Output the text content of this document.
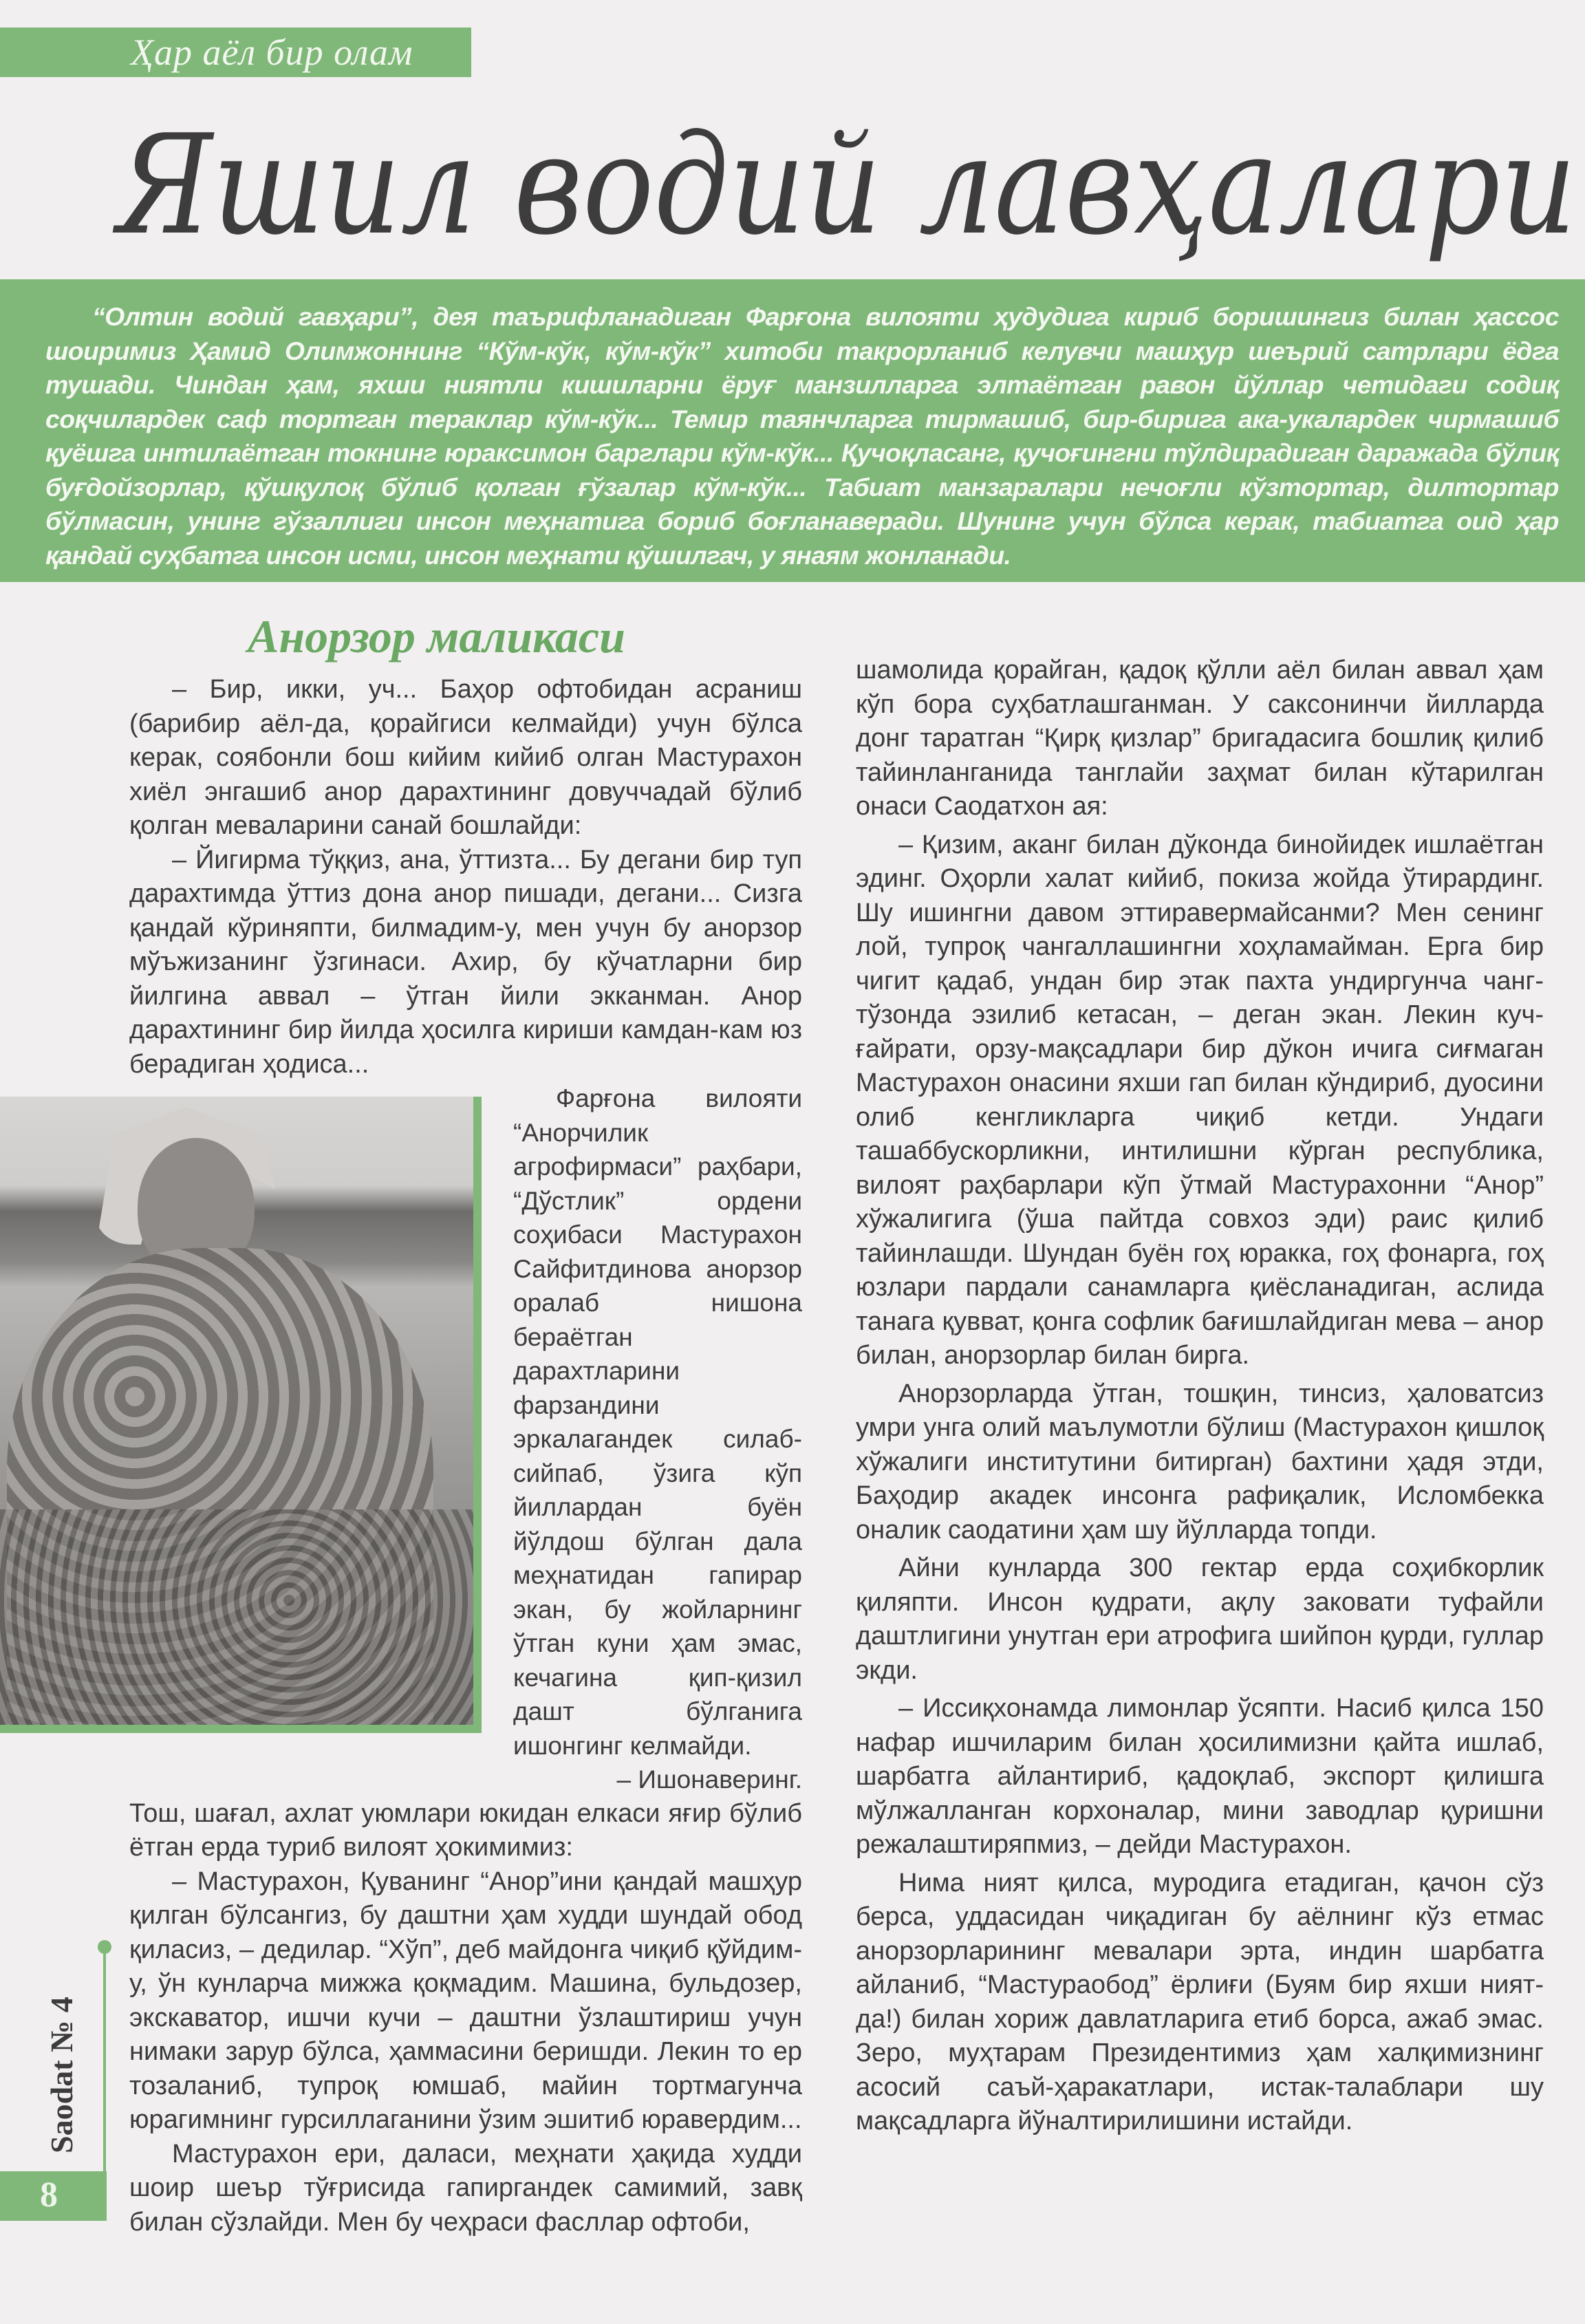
Ҳар аёл бир олам
Яшил водий лавҳалари

“Олтин водий гавҳари”, дея таърифланадиган Фарғона вилояти ҳудудига кириб боришингиз билан ҳассос шоиримиз Ҳамид Олимжоннинг “Кўм-кўк, кўм-кўк” хитоби такрорланиб келувчи машҳур шеърий сатрлари ёдга тушади. Чиндан ҳам, яхши ниятли кишиларни ёруғ манзилларга элтаётган равон йўллар четидаги содиқ соқчилардек саф тортган тераклар кўм-кўк... Темир таянчларга тирмашиб, бир-бирига ака-укалардек чирмашиб қуёшга интилаётган токнинг юраксимон барглари кўм-кўк... Қучоқласанг, қучоғингни тўлдирадиган даражада бўлиқ буғдойзорлар, қўшқулоқ бўлиб қолган ғўзалар кўм-кўк... Табиат манзаралари нечоғли кўзтортар, дилтортар бўлмасин, унинг гўзаллиги инсон меҳнатига бориб боғланаверади. Шунинг учун бўлса керак, табиатга оид ҳар қандай суҳбатга инсон исми, инсон меҳнати қўшилгач, у янаям жонланади.

Анорзор маликаси

– Бир, икки, уч... Баҳор офтобидан асраниш (барибир аёл-да, қорайгиси келмайди) учун бўлса керак, соябонли бош кийим кийиб олган Мастурахон хиёл энгашиб анор дарахтининг довуччадай бўлиб қолган меваларини санай бошлайди:

– Йигирма тўққиз, ана, ўттизта... Бу дегани бир туп дарахтимда ўттиз дона анор пишади, дегани... Сизга қандай кўриняпти, билмадим-у, мен учун бу анорзор мўъжизанинг ўзгинаси. Ахир, бу кўчатларни бир йилгина аввал – ўтган йили экканман. Анор дарахтининг бир йилда ҳосилга кириши камдан-кам юз берадиган ҳодиса...

Фарғона вилояти “Анорчилик агрофирмаси” раҳбари, “Дўстлик” ордени соҳибаси Мастурахон Сайфитдинова анорзор оралаб нишона бераётган дарахтларини фарзандини эркалагандек силаб-сийпаб, ўзига кўп йиллардан буён йўлдош бўлган дала меҳнатидан гапирар экан, бу жойларнинг ўтган куни ҳам эмас, кечагина қип-қизил дашт бўлганига ишонгинг келмайди.

– Ишонаверинг.

Тош, шағал, ахлат уюмлари юкидан елкаси яғир бўлиб ётган ерда туриб вилоят ҳокимимиз:

– Мастурахон, Қуванинг “Анор”ини қандай машҳур қилган бўлсангиз, бу даштни ҳам худди шундай обод қиласиз, – дедилар. “Хўп”, деб майдонга чиқиб қўйдим-у, ўн кунларча мижжа қоқмадим. Машина, бульдозер, экскаватор, ишчи кучи – даштни ўзлаштириш учун нимаки зарур бўлса, ҳаммасини беришди. Лекин то ер тозаланиб, тупроқ юмшаб, майин тортмагунча юрагимнинг гурсиллаганини ўзим эшитиб юравердим...

Мастурахон ери, даласи, меҳнати ҳақида худди шоир шеър тўғрисида гапиргандек самимий, завқ билан сўзлайди. Мен бу чеҳраси фасллар офтоби,

шамолида қорайган, қадоқ қўлли аёл билан аввал ҳам кўп бора суҳбатлашганман. У саксонинчи йилларда донг таратган “Қирқ қизлар” бригадасига бошлиқ қилиб тайинланганида танглайи заҳмат билан кўтарилган онаси Саодатхон ая:

– Қизим, аканг билан дўконда бинойидек ишлаётган эдинг. Оҳорли халат кийиб, покиза жойда ўтирардинг. Шу ишингни давом эттиравермайсанми? Мен сенинг лой, тупроқ чангаллашингни хоҳламайман. Ерга бир чигит қадаб, ундан бир этак пахта ундиргунча чанг-тўзонда эзилиб кетасан, – деган экан. Лекин куч-ғайрати, орзу-мақсадлари бир дўкон ичига сиғмаган Мастурахон онасини яхши гап билан кўндириб, дуосини олиб кенгликларга чиқиб кетди. Ундаги ташаббускорликни, интилишни кўрган республика, вилоят раҳбарлари кўп ўтмай Мастурахонни “Анор” хўжалигига (ўша пайтда совхоз эди) раис қилиб тайинлашди. Шундан буён гоҳ юракка, гоҳ фонарга, гоҳ юзлари пардали санамларга қиёсланадиган, аслида танага қувват, қонга софлик бағишлайдиган мева – анор билан, анорзорлар билан бирга.

Анорзорларда ўтган, тошқин, тинсиз, ҳаловатсиз умри унга олий маълумотли бўлиш (Мастурахон қишлоқ хўжалиги институтини битирган) бахтини ҳадя этди, Баҳодир акадек инсонга рафиқалик, Исломбекка оналик саодатини ҳам шу йўлларда топди.

Айни кунларда 300 гектар ерда соҳибкорлик қиляпти. Инсон қудрати, ақлу заковати туфайли даштлигини унутган ери атрофига шийпон қурди, гуллар экди.

– Иссиқхонамда лимонлар ўсяпти. Насиб қилса 150 нафар ишчиларим билан ҳосилимизни қайта ишлаб, шарбатга айлантириб, қадоқлаб, экспорт қилишга мўлжалланган корхоналар, мини заводлар қуришни режалаштиряпмиз, – дейди Мастурахон.

Нима ният қилса, муродига етадиган, қачон сўз берса, уддасидан чиқадиган бу аёлнинг кўз етмас анорзорларининг мевалари эрта, индин шарбатга айланиб, “Мастураобод” ёрлиғи (Буям бир яхши ният-да!) билан хориж давлатларига етиб борса, ажаб эмас. Зеро, муҳтарам Президентимиз ҳам халқимизнинг асосий саъй-ҳаракатлари, истак-талаблари шу мақсадларга йўналтирилишини истайди.

Saodat № 4
8
